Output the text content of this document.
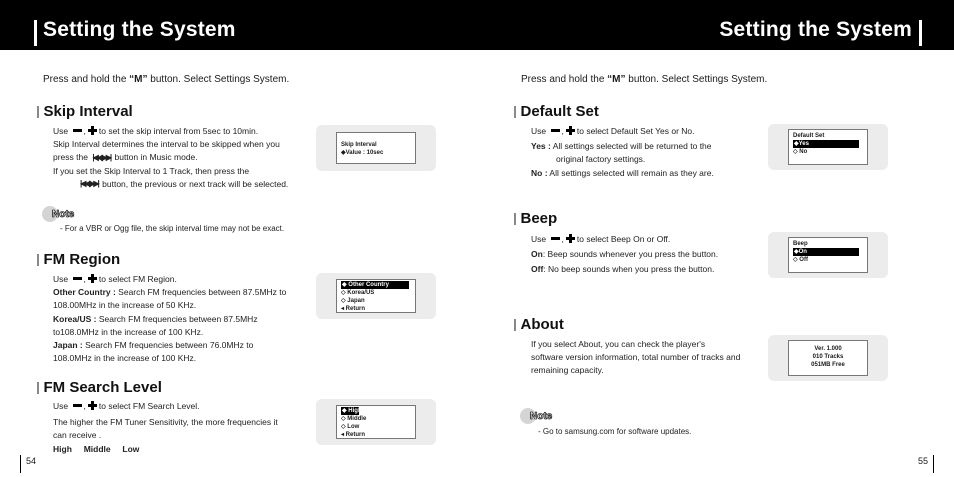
Setting the System	Setting the System
Press and hold the “M” button. Select Settings System.
Skip Interval
Use , to set the skip interval from 5sec to 10min.
Skip Interval determines the interval to be skipped when you
press the |◀◀ , ▶▶| button in Music mode.
If you set the Skip Interval to 1 Track, then press the
|◀◀ , ▶▶| button, the previous or next track will be selected.
Skip Interval
◆Value : 10sec
Note
- For a VBR or Ogg file, the skip interval time may not be exact.
FM Region
Use , to select FM Region.
Other Country : Search FM frequencies between 87.5MHz to
108.00MHz in the increase of 50 KHz.
Korea/US : Search FM frequencies between 87.5MHz
to108.0MHz in the increase of 100 KHz.
Japan : Search FM frequencies between 76.0MHz to
108.0MHz in the increase of 100 KHz.
◆ Other Country
◇ Korea/US
◇ Japan
◂ Return
FM Search Level
Use , to select FM Search Level.
The higher the FM Tuner Sensitivity, the more frequencies it
can receive .
High     Middle     Low
◆ High
◇ Middle
◇ Low
◂ Return
54
Press and hold the “M” button. Select Settings System.
Default Set
Use , to select Default Set Yes or No.
Yes : All settings selected will be returned to the
original factory settings.
No : All settings selected will remain as they are.
Default Set
◆Yes
◇ No
Beep
Use , to select Beep On or Off.
On: Beep sounds whenever you press the button.
Off: No beep sounds when you press the button.
Beep
◆On
◇ Off
About
If you select About, you can check the player's
software version information, total number of tracks and
remaining capacity.
Ver. 1.000
010 Tracks
051MB Free
Note
- Go to samsung.com for software updates.
55
